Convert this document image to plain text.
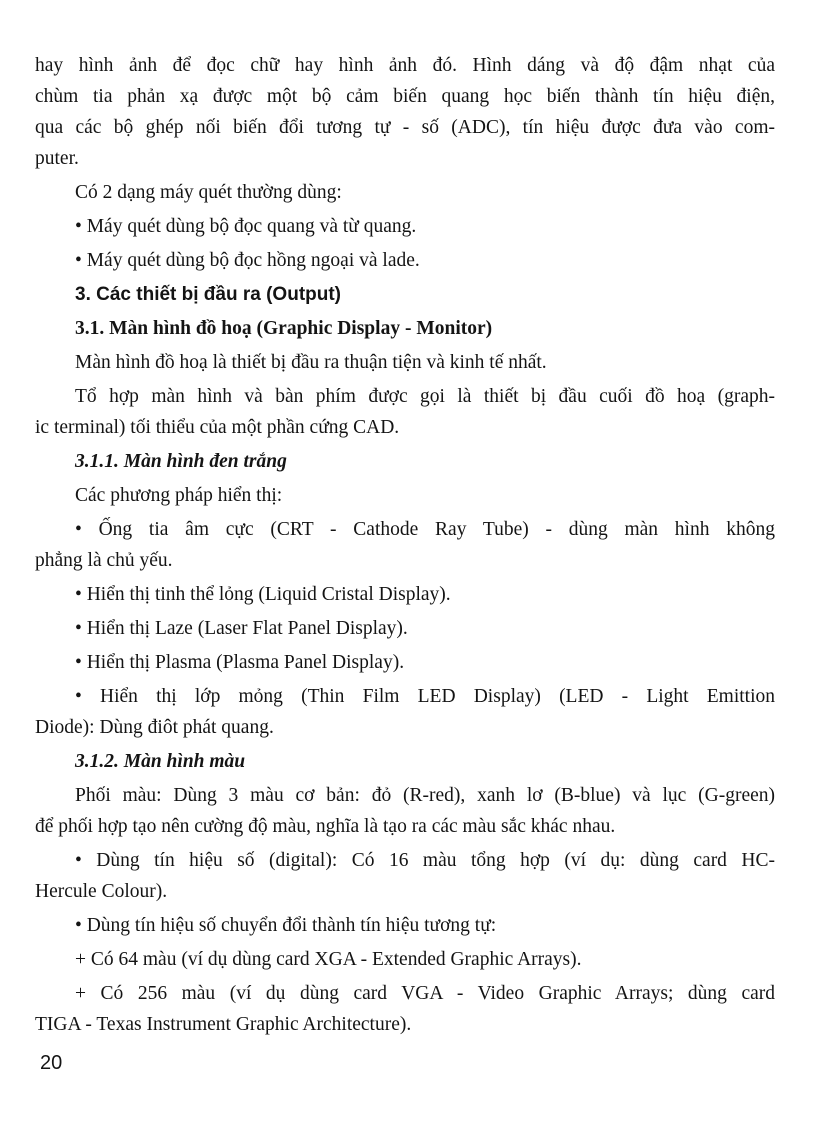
hay hình ảnh để đọc chữ hay hình ảnh đó. Hình dáng và độ đậm nhạt của
chùm tia phản xạ được một bộ cảm biến quang học biến thành tín hiệu điện,
qua các bộ ghép nối biến đổi tương tự - số (ADC), tín hiệu được đưa vào com-
puter.

Có 2 dạng máy quét thường dùng:

• Máy quét dùng bộ đọc quang và từ quang.

• Máy quét dùng bộ đọc hồng ngoại và lade.

3. Các thiết bị đầu ra (Output)

3.1. Màn hình đồ hoạ (Graphic Display - Monitor)

Màn hình đồ hoạ là thiết bị đầu ra thuận tiện và kinh tế nhất.

Tổ hợp màn hình và bàn phím được gọi là thiết bị đầu cuối đồ hoạ (graph-
ic terminal) tối thiểu của một phần cứng CAD.

3.1.1. Màn hình đen trắng

Các phương pháp hiển thị:

• Ống tia âm cực (CRT - Cathode Ray Tube) - dùng màn hình không
phẳng là chủ yếu.

• Hiển thị tinh thể lỏng (Liquid Cristal Display).

• Hiển thị Laze (Laser Flat Panel Display).

• Hiển thị Plasma (Plasma Panel Display).

• Hiển thị lớp mỏng (Thin Film LED Display) (LED - Light Emittion
Diode): Dùng điôt phát quang.

3.1.2. Màn hình màu

Phối màu: Dùng 3 màu cơ bản: đỏ (R-red), xanh lơ (B-blue) và lục (G-green)
để phối hợp tạo nên cường độ màu, nghĩa là tạo ra các màu sắc khác nhau.

• Dùng tín hiệu số (digital): Có 16 màu tổng hợp (ví dụ: dùng card HC-
Hercule Colour).

• Dùng tín hiệu số chuyển đổi thành tín hiệu tương tự:

+ Có 64 màu (ví dụ dùng card XGA - Extended Graphic Arrays).

+ Có 256 màu (ví dụ dùng card VGA - Video Graphic Arrays; dùng card
TIGA - Texas Instrument Graphic Architecture).

20
